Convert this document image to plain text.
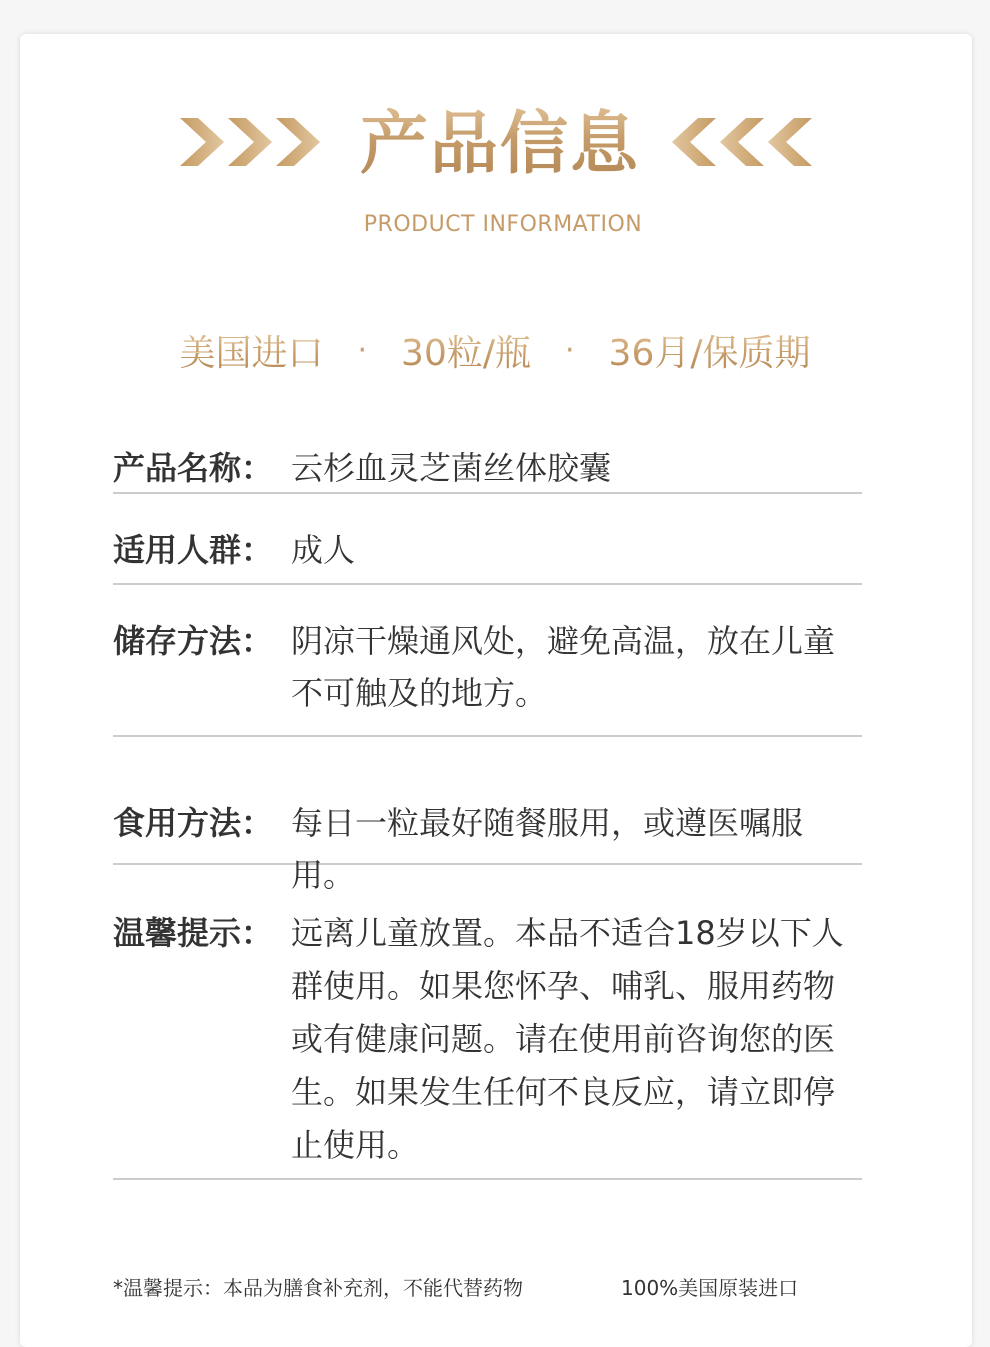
产品信息
PRODUCT INFORMATION
美国进口 · 30粒/瓶 · 36月/保质期
产品名称： 云杉血灵芝菌丝体胶囊
适用人群： 成人
储存方法： 阴凉干燥通风处，避免高温，放在儿童
不可触及的地方。
食用方法： 每日一粒最好随餐服用，或遵医嘱服用。
温馨提示： 远离儿童放置。本品不适合18岁以下人
群使用。如果您怀孕、哺乳、服用药物
或有健康问题。请在使用前咨询您的医
生。如果发生任何不良反应，请立即停
止使用。
*温馨提示：本品为膳食补充剂，不能代替药物	100%美国原装进口
